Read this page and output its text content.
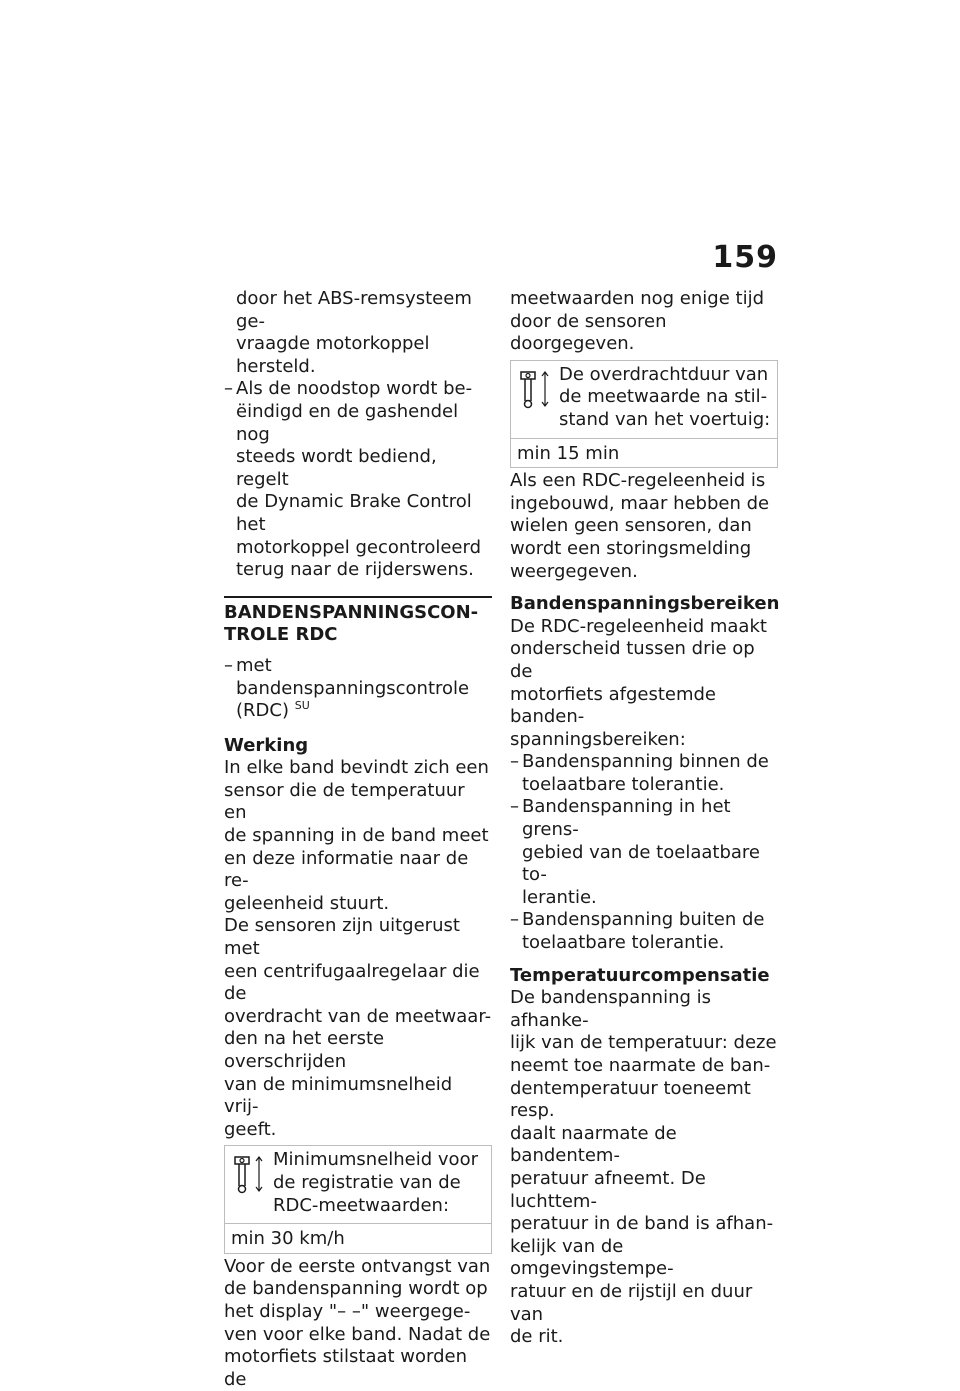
159
door het ABS-remsysteem ge-
vraagde motorkoppel hersteld.
– Als de noodstop wordt be-
ëindigd en de gashendel nog
steeds wordt bediend, regelt
de Dynamic Brake Control het
motorkoppel gecontroleerd
terug naar de rijderswens.
BANDENSPANNINGSCON-
TROLE RDC
– met bandenspanningscontrole
(RDC) $^{SU}$
Werking
In elke band bevindt zich een
sensor die de temperatuur en
de spanning in de band meet
en deze informatie naar de re-
geleenheid stuurt.
De sensoren zijn uitgerust met
een centrifugaalregelaar die de
overdracht van de meetwaar-
den na het eerste overschrijden
van de minimumsnelheid vrij-
geeft.
Minimumsnelheid voor
de registratie van de
RDC-meetwaarden:
min 30 km/h
Voor de eerste ontvangst van
de bandenspanning wordt op
het display "– –" weergege-
ven voor elke band. Nadat de
motorfiets stilstaat worden de
meetwaarden nog enige tijd
door de sensoren doorgegeven.
De overdrachtduur van
de meetwaarde na stil-
stand van het voertuig:
min 15 min
Als een RDC-regeleenheid is
ingebouwd, maar hebben de
wielen geen sensoren, dan
wordt een storingsmelding
weergegeven.
Bandenspanningsbereiken
De RDC-regeleenheid maakt
onderscheid tussen drie op de
motorfiets afgestemde banden-
spanningsbereiken:
– Bandenspanning binnen de
toelaatbare tolerantie.
– Bandenspanning in het grens-
gebied van de toelaatbare to-
lerantie.
– Bandenspanning buiten de
toelaatbare tolerantie.
Temperatuurcompensatie
De bandenspanning is afhanke-
lijk van de temperatuur: deze
neemt toe naarmate de ban-
dentemperatuur toeneemt resp.
daalt naarmate de bandentem-
peratuur afneemt. De luchttem-
peratuur in de band is afhan-
kelijk van de omgevingstempe-
ratuur en de rijstijl en duur van
de rit.
